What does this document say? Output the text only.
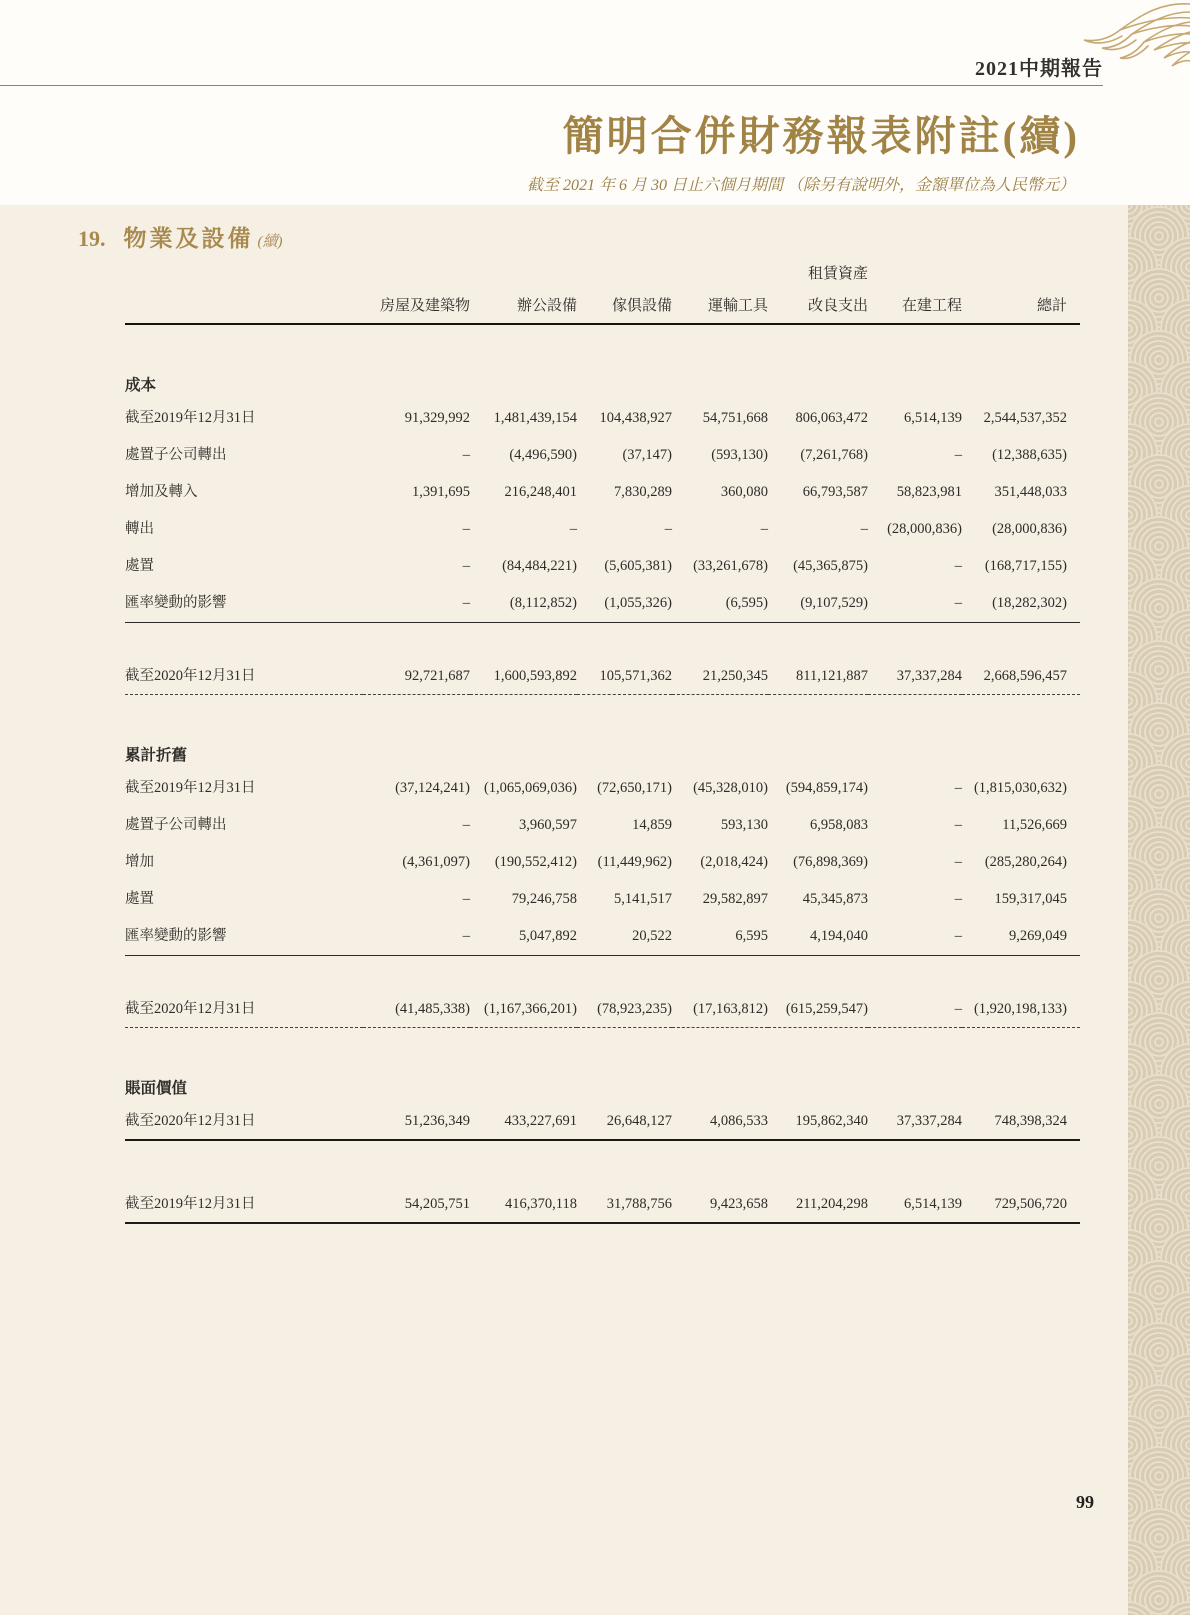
2021中期報告
簡明合併財務報表附註(續)
截至 2021 年 6 月 30 日止六個月期間 （除另有說明外，金額單位為人民幣元）
19. 物業及設備 (續)
					租賃資產		
	房屋及建築物	辦公設備	傢俱設備	運輸工具	改良支出	在建工程	總計

成本							
截至2019年12月31日	91,329,992	1,481,439,154	104,438,927	54,751,668	806,063,472	6,514,139	2,544,537,352
處置子公司轉出	–	(4,496,590)	(37,147)	(593,130)	(7,261,768)	–	(12,388,635)
增加及轉入	1,391,695	216,248,401	7,830,289	360,080	66,793,587	58,823,981	351,448,033
轉出	–	–	–	–	–	(28,000,836)	(28,000,836)
處置	–	(84,484,221)	(5,605,381)	(33,261,678)	(45,365,875)	–	(168,717,155)
匯率變動的影響	–	(8,112,852)	(1,055,326)	(6,595)	(9,107,529)	–	(18,282,302)

截至2020年12月31日	92,721,687	1,600,593,892	105,571,362	21,250,345	811,121,887	37,337,284	2,668,596,457

累計折舊							
截至2019年12月31日	(37,124,241)	(1,065,069,036)	(72,650,171)	(45,328,010)	(594,859,174)	–	(1,815,030,632)
處置子公司轉出	–	3,960,597	14,859	593,130	6,958,083	–	11,526,669
增加	(4,361,097)	(190,552,412)	(11,449,962)	(2,018,424)	(76,898,369)	–	(285,280,264)
處置	–	79,246,758	5,141,517	29,582,897	45,345,873	–	159,317,045
匯率變動的影響	–	5,047,892	20,522	6,595	4,194,040	–	9,269,049

截至2020年12月31日	(41,485,338)	(1,167,366,201)	(78,923,235)	(17,163,812)	(615,259,547)	–	(1,920,198,133)

賬面價值							
截至2020年12月31日	51,236,349	433,227,691	26,648,127	4,086,533	195,862,340	37,337,284	748,398,324

截至2019年12月31日	54,205,751	416,370,118	31,788,756	9,423,658	211,204,298	6,514,139	729,506,720
99
